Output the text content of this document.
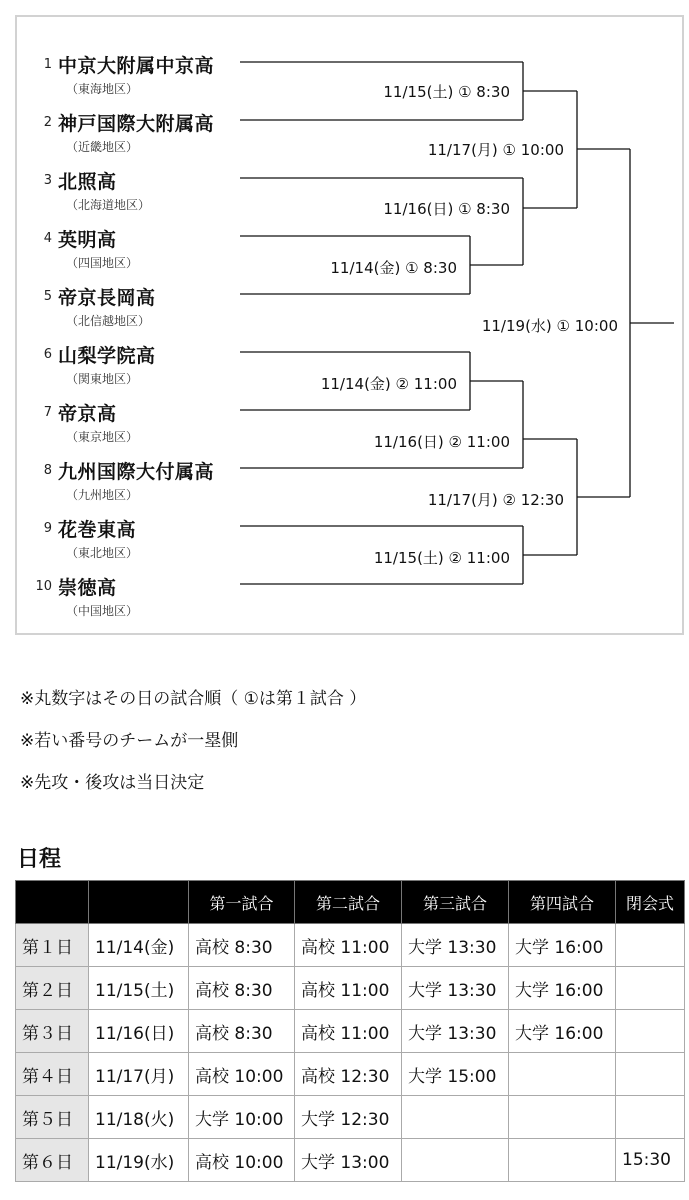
1 中京大附属中京高
（東海地区）
2 神戸国際大附属高
（近畿地区）
3 北照高
（北海道地区）
4 英明高
（四国地区）
5 帝京長岡高
（北信越地区）
6 山梨学院高
（関東地区）
7 帝京高
（東京地区）
8 九州国際大付属高
（九州地区）
9 花巻東高
（東北地区）
10 崇徳高
（中国地区）
11/15(土) ① 8:30
11/17(月) ① 10:00
11/16(日) ① 8:30
11/14(金) ① 8:30
11/19(水) ① 10:00
11/14(金) ② 11:00
11/16(日) ② 11:00
11/17(月) ② 12:30
11/15(土) ② 11:00
※丸数字はその日の試合順（ ①は第１試合 ）
※若い番号のチームが一塁側
※先攻・後攻は当日決定
日程
		第一試合	第二試合	第三試合	第四試合	閉会式
第１日	11/14(金)	高校 8:30	高校 11:00	大学 13:30	大学 16:00	
第２日	11/15(土)	高校 8:30	高校 11:00	大学 13:30	大学 16:00	
第３日	11/16(日)	高校 8:30	高校 11:00	大学 13:30	大学 16:00	
第４日	11/17(月)	高校 10:00	高校 12:30	大学 15:00		
第５日	11/18(火)	大学 10:00	大学 12:30			
第６日	11/19(水)	高校 10:00	大学 13:00			15:30
